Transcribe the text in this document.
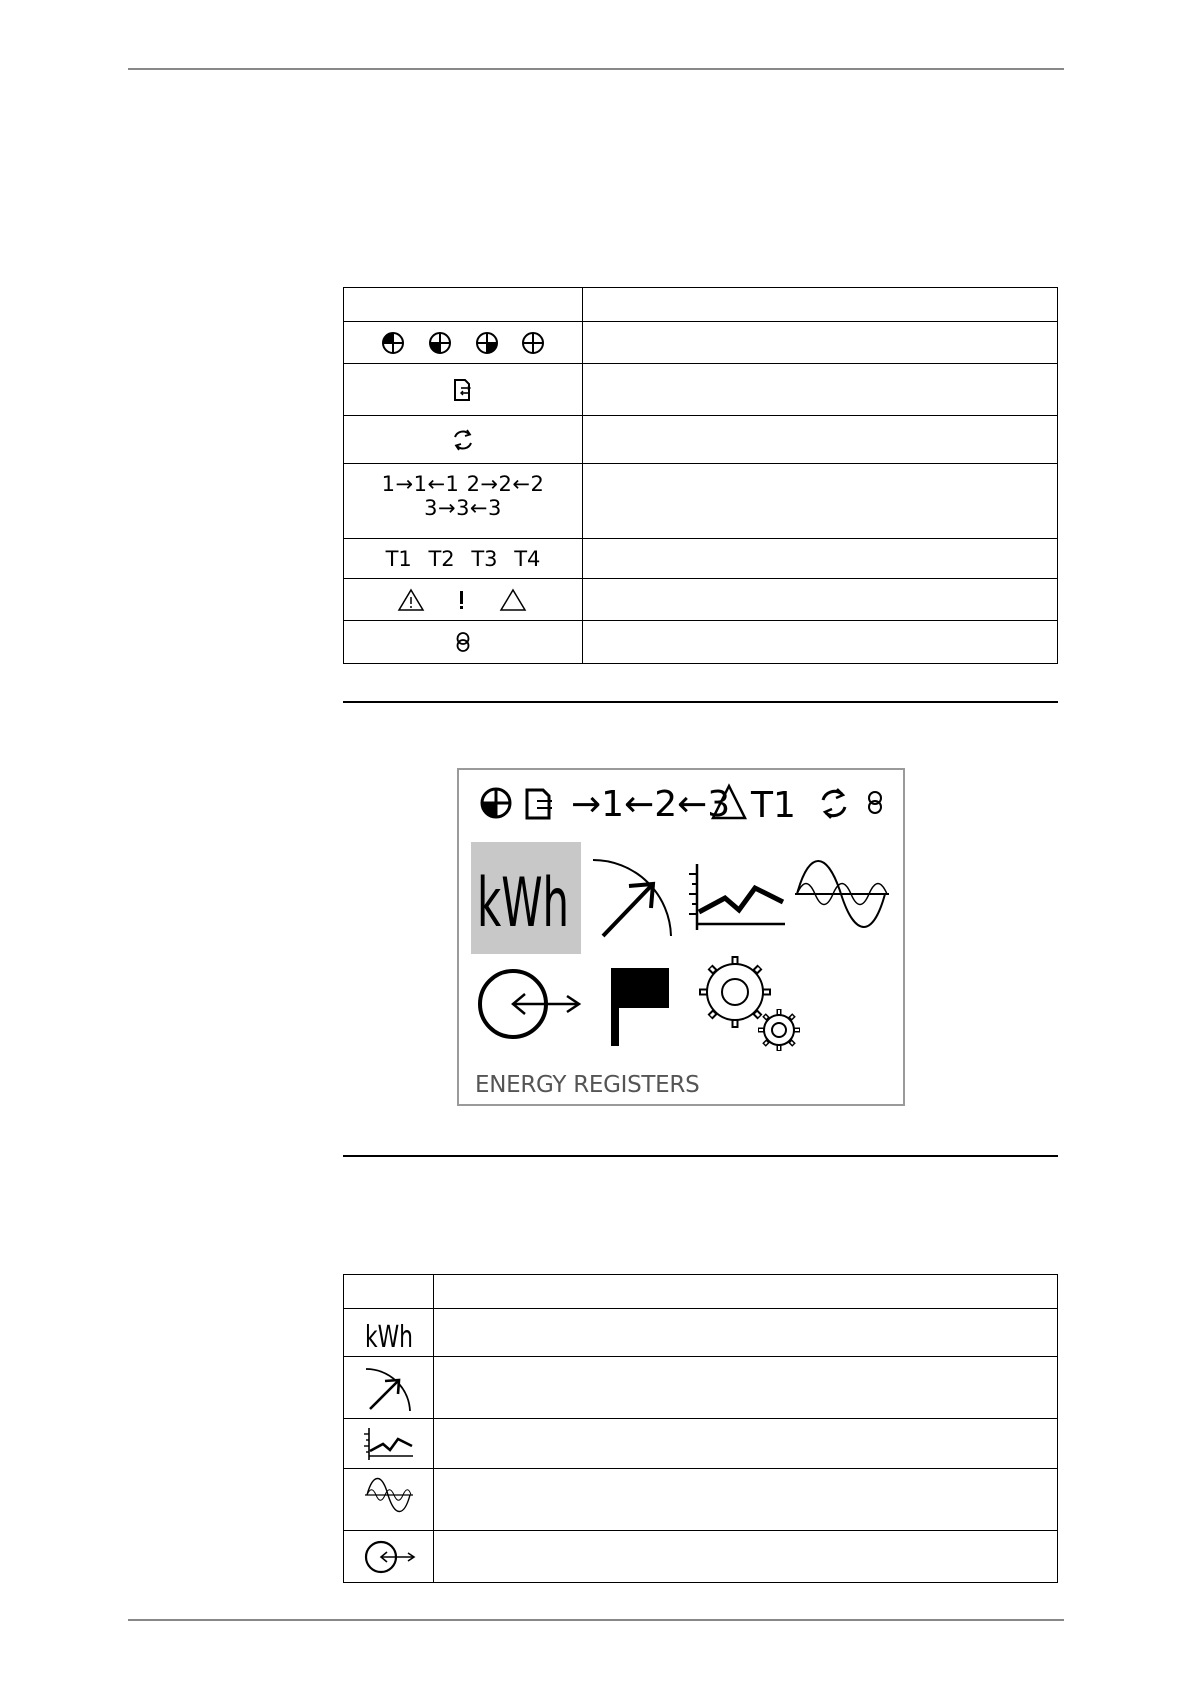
1→1←1 2→2←2 3→3←3	
T1 T2 T3 T4	

→1←2←3 T1
kWh
ENERGY REGISTERS

kWh	
